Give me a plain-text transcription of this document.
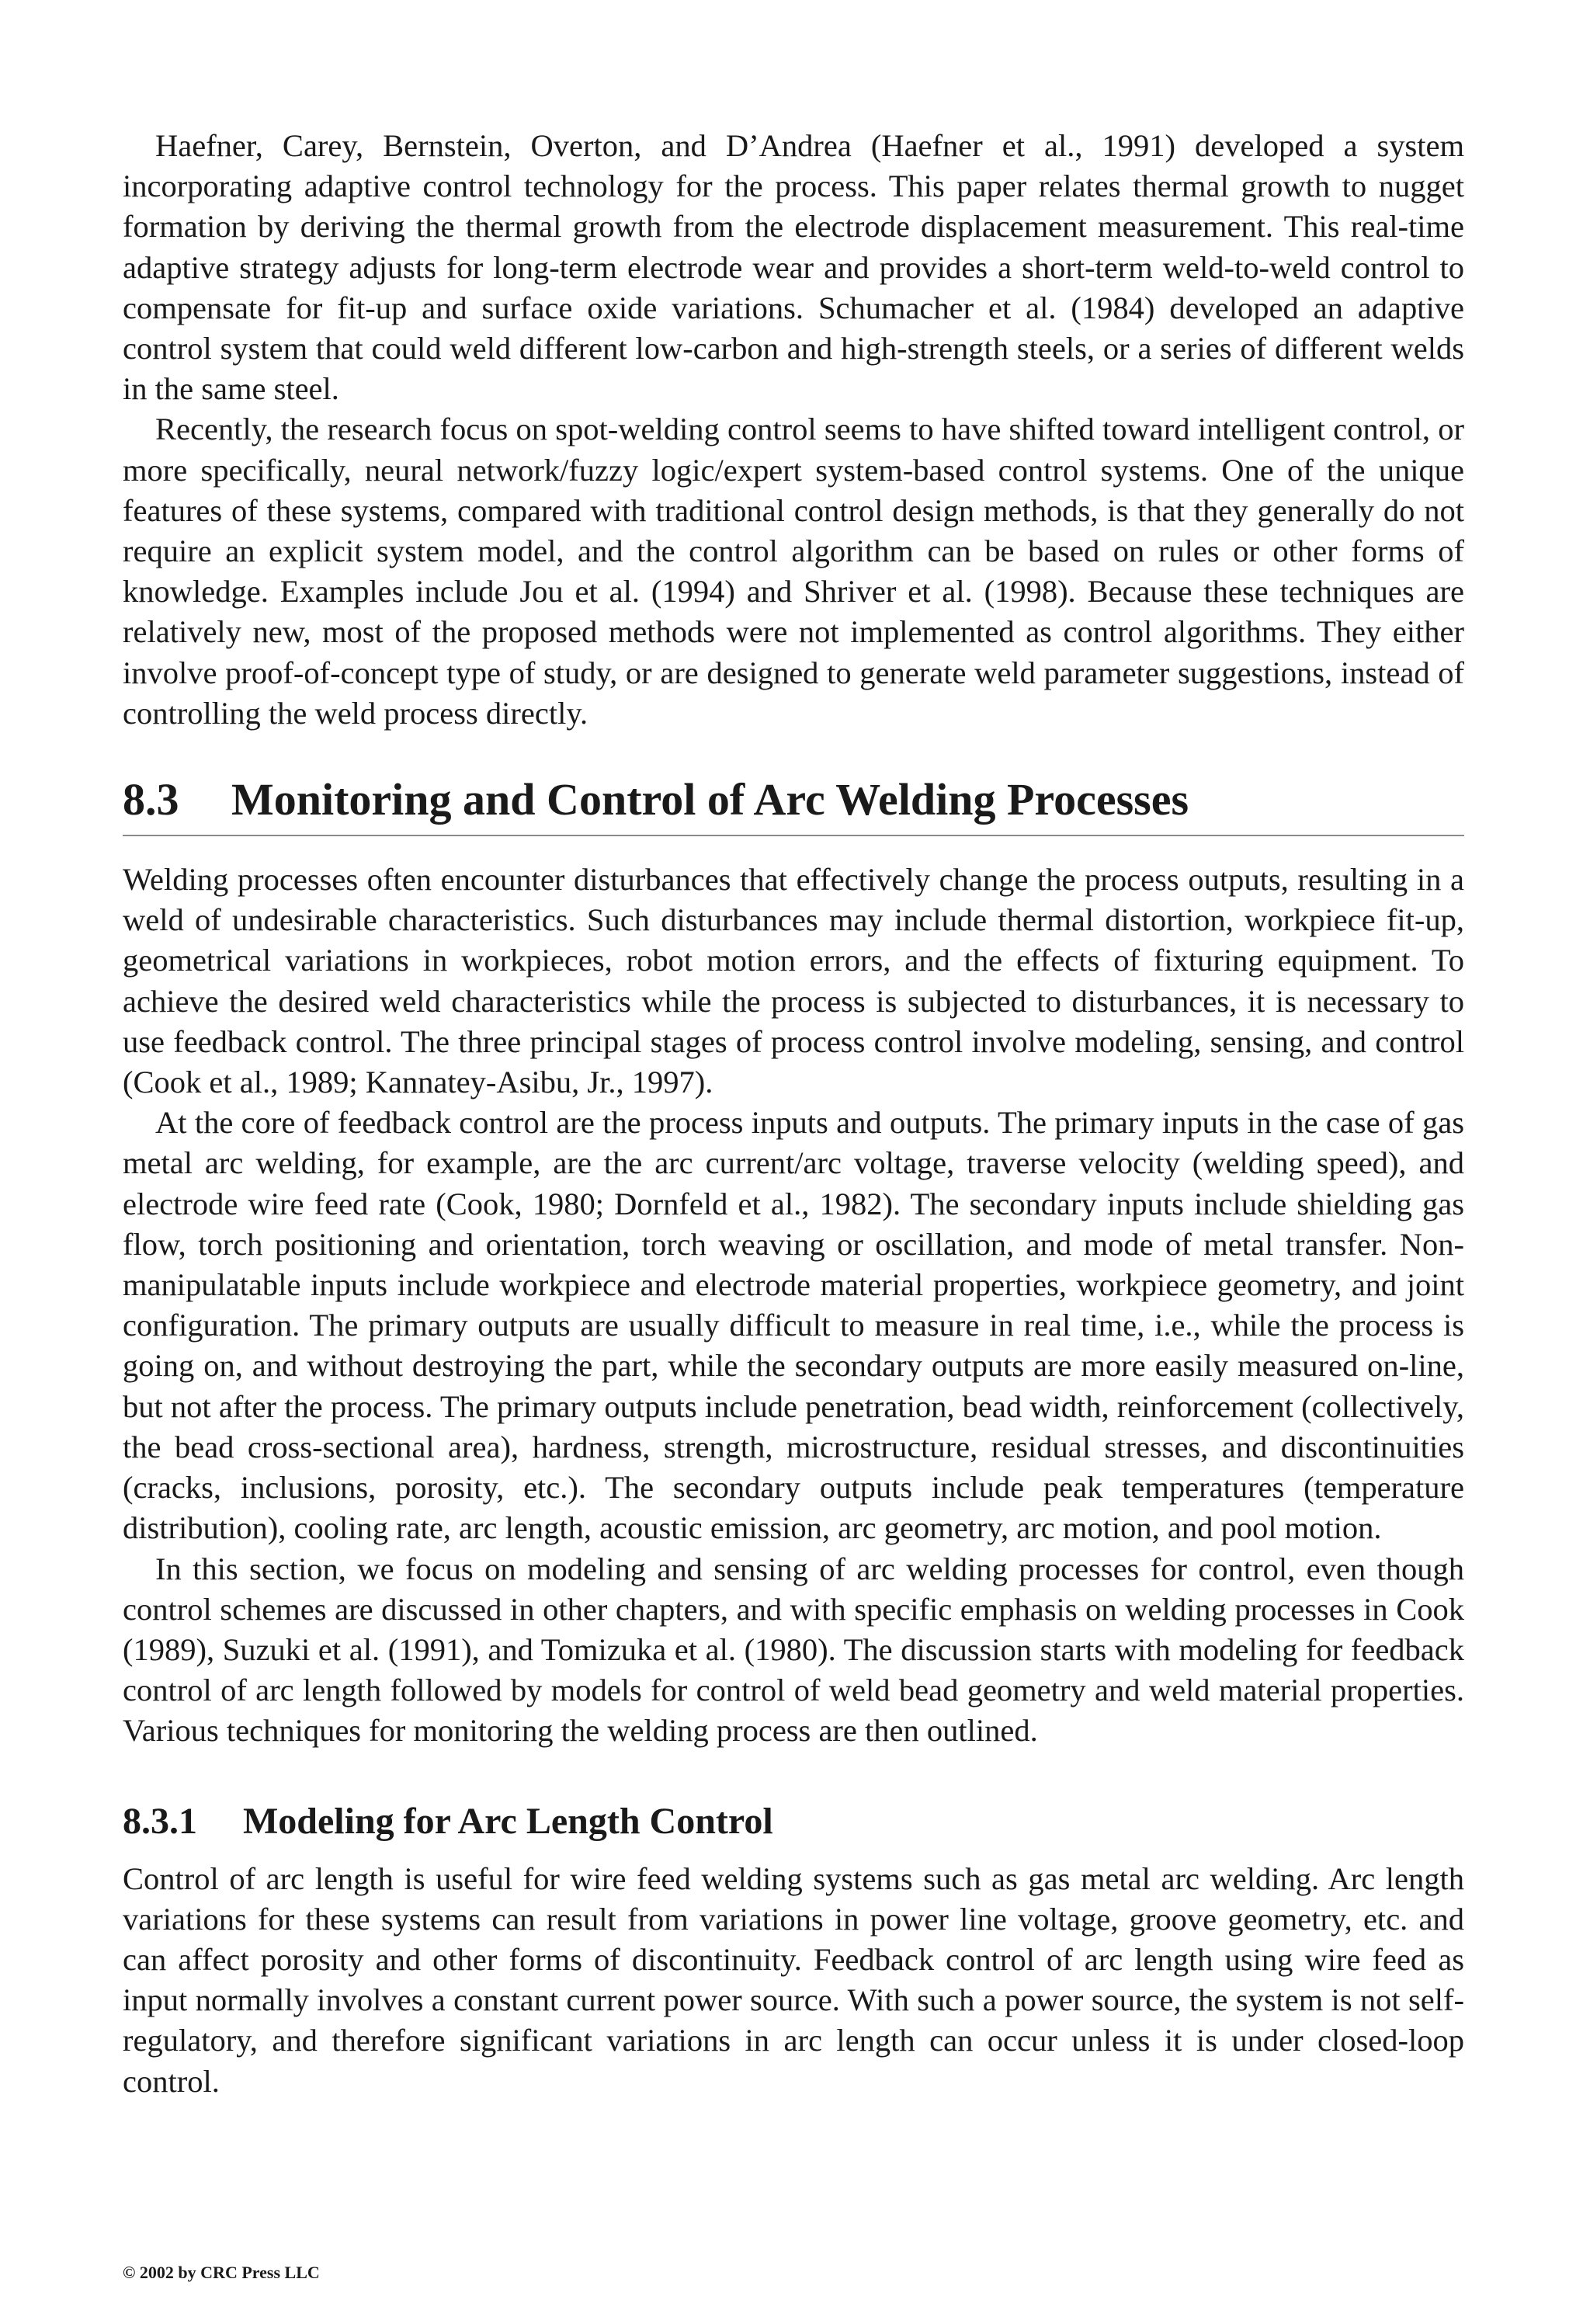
Haefner, Carey, Bernstein, Overton, and D’Andrea (Haefner et al., 1991) developed a system incorporating adaptive control technology for the process. This paper relates thermal growth to nugget formation by deriving the thermal growth from the electrode displacement measurement. This real-time adaptive strategy adjusts for long-term electrode wear and provides a short-term weld-to-weld control to compensate for fit-up and surface oxide variations. Schumacher et al. (1984) developed an adaptive control system that could weld different low-carbon and high-strength steels, or a series of different welds in the same steel.

Recently, the research focus on spot-welding control seems to have shifted toward intelligent control, or more specifically, neural network/fuzzy logic/expert system-based control systems. One of the unique features of these systems, compared with traditional control design methods, is that they generally do not require an explicit system model, and the control algorithm can be based on rules or other forms of knowledge. Examples include Jou et al. (1994) and Shriver et al. (1998). Because these techniques are relatively new, most of the proposed methods were not implemented as control algorithms. They either involve proof-of-concept type of study, or are designed to generate weld parameter suggestions, instead of controlling the weld process directly.

8.3 Monitoring and Control of Arc Welding Processes

Welding processes often encounter disturbances that effectively change the process outputs, resulting in a weld of undesirable characteristics. Such disturbances may include thermal distortion, workpiece fit-up, geometrical variations in workpieces, robot motion errors, and the effects of fixturing equipment. To achieve the desired weld characteristics while the process is subjected to disturbances, it is necessary to use feedback control. The three principal stages of process control involve modeling, sensing, and control (Cook et al., 1989; Kannatey-Asibu, Jr., 1997).

At the core of feedback control are the process inputs and outputs. The primary inputs in the case of gas metal arc welding, for example, are the arc current/arc voltage, traverse velocity (welding speed), and electrode wire feed rate (Cook, 1980; Dornfeld et al., 1982). The secondary inputs include shielding gas flow, torch positioning and orientation, torch weaving or oscillation, and mode of metal transfer. Non-manipulatable inputs include workpiece and electrode material properties, workpiece geometry, and joint configuration. The primary outputs are usually difficult to measure in real time, i.e., while the process is going on, and without destroying the part, while the secondary outputs are more easily measured on-line, but not after the process. The primary outputs include penetration, bead width, reinforcement (collectively, the bead cross-sectional area), hardness, strength, microstructure, residual stresses, and discontinuities (cracks, inclusions, porosity, etc.). The secondary outputs include peak temperatures (temperature distribution), cooling rate, arc length, acoustic emission, arc geometry, arc motion, and pool motion.

In this section, we focus on modeling and sensing of arc welding processes for control, even though control schemes are discussed in other chapters, and with specific emphasis on welding processes in Cook (1989), Suzuki et al. (1991), and Tomizuka et al. (1980). The discussion starts with modeling for feedback control of arc length followed by models for control of weld bead geometry and weld material properties. Various techniques for monitoring the welding process are then outlined.

8.3.1 Modeling for Arc Length Control

Control of arc length is useful for wire feed welding systems such as gas metal arc welding. Arc length variations for these systems can result from variations in power line voltage, groove geometry, etc. and can affect porosity and other forms of discontinuity. Feedback control of arc length using wire feed as input normally involves a constant current power source. With such a power source, the system is not self-regulatory, and therefore significant variations in arc length can occur unless it is under closed-loop control.

© 2002 by CRC Press LLC
